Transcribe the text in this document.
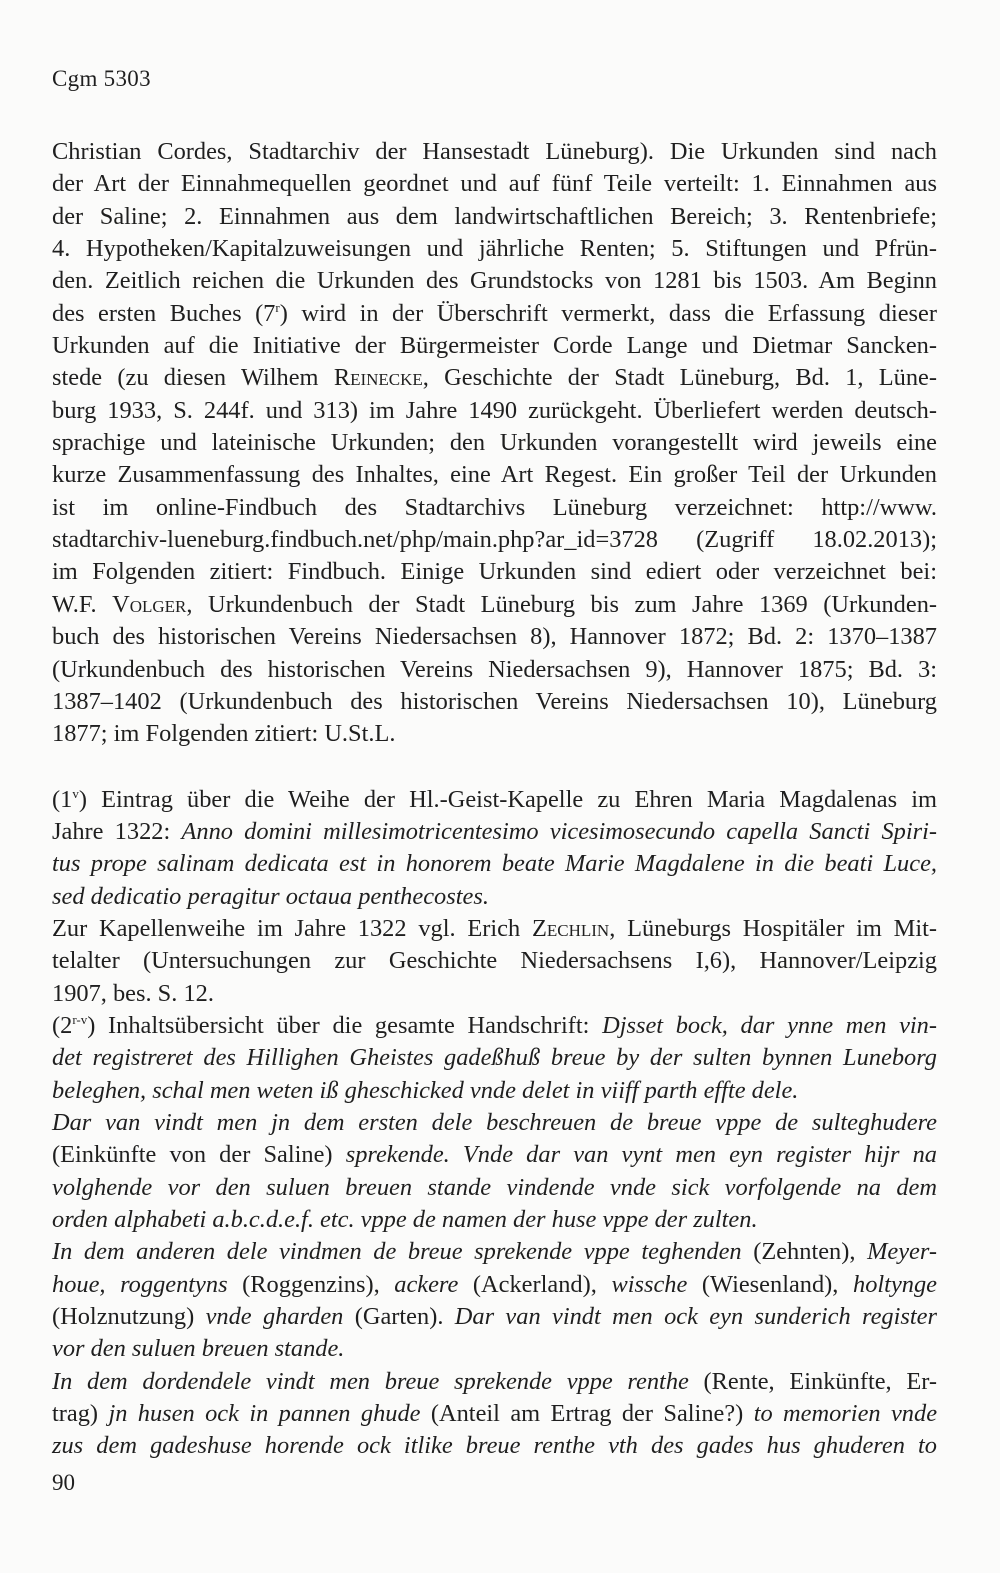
Cgm 5303
Christian Cordes, Stadtarchiv der Hansestadt Lüneburg). Die Urkunden sind nach
der Art der Einnahmequellen geordnet und auf fünf Teile verteilt: 1. Einnahmen aus
der Saline; 2. Einnahmen aus dem landwirtschaftlichen Bereich; 3. Rentenbriefe;
4. Hypotheken/Kapitalzuweisungen und jährliche Renten; 5. Stiftungen und Pfrün-
den. Zeitlich reichen die Urkunden des Grundstocks von 1281 bis 1503. Am Beginn
des ersten Buches (7$^r$) wird in der Überschrift vermerkt, dass die Erfassung dieser
Urkunden auf die Initiative der Bürgermeister Corde Lange und Dietmar Sancken-
stede (zu diesen Wilhem Reinecke, Geschichte der Stadt Lüneburg, Bd. 1, Lüne-
burg 1933, S. 244f. und 313) im Jahre 1490 zurückgeht. Überliefert werden deutsch-
sprachige und lateinische Urkunden; den Urkunden vorangestellt wird jeweils eine
kurze Zusammenfassung des Inhaltes, eine Art Regest. Ein großer Teil der Urkunden
ist im online-Findbuch des Stadtarchivs Lüneburg verzeichnet: http://www.
stadtarchiv-lueneburg.findbuch.net/php/main.php?ar_id=3728 (Zugriff 18.02.2013);
im Folgenden zitiert: Findbuch. Einige Urkunden sind ediert oder verzeichnet bei:
W.F. Volger, Urkundenbuch der Stadt Lüneburg bis zum Jahre 1369 (Urkunden-
buch des historischen Vereins Niedersachsen 8), Hannover 1872; Bd. 2: 1370–1387
(Urkundenbuch des historischen Vereins Niedersachsen 9), Hannover 1875; Bd. 3:
1387–1402 (Urkundenbuch des historischen Vereins Niedersachsen 10), Lüneburg
1877; im Folgenden zitiert: U.St.L.
(1$^v$) Eintrag über die Weihe der Hl.-Geist-Kapelle zu Ehren Maria Magdalenas im
Jahre 1322: Anno domini millesimotricentesimo vicesimosecundo capella Sancti Spiri-
tus prope salinam dedicata est in honorem beate Marie Magdalene in die beati Luce,
sed dedicatio peragitur octaua penthecostes.
Zur Kapellenweihe im Jahre 1322 vgl. Erich Zechlin, Lüneburgs Hospitäler im Mit-
telalter (Untersuchungen zur Geschichte Niedersachsens I,6), Hannover/Leipzig
1907, bes. S. 12.
(2$^{r-v}$) Inhaltsübersicht über die gesamte Handschrift: Djsset bock, dar ynne men vin-
det registreret des Hillighen Gheistes gadeßhuß breue by der sulten bynnen Luneborg
beleghen, schal men weten iß gheschicked vnde delet in viiff parth effte dele.
Dar van vindt men jn dem ersten dele beschreuen de breue vppe de sulteghudere
(Einkünfte von der Saline) sprekende. Vnde dar van vynt men eyn register hijr na
volghende vor den suluen breuen stande vindende vnde sick vorfolgende na dem
orden alphabeti a.b.c.d.e.f. etc. vppe de namen der huse vppe der zulten.
In dem anderen dele vindmen de breue sprekende vppe teghenden (Zehnten), Meyer-
houe, roggentyns (Roggenzins), ackere (Ackerland), wissche (Wiesenland), holtynge
(Holznutzung) vnde gharden (Garten). Dar van vindt men ock eyn sunderich register
vor den suluen breuen stande.
In dem dordendele vindt men breue sprekende vppe renthe (Rente, Einkünfte, Er-
trag) jn husen ock in pannen ghude (Anteil am Ertrag der Saline?) to memorien vnde
zus dem gadeshuse horende ock itlike breue renthe vth des gades hus ghuderen to
90
